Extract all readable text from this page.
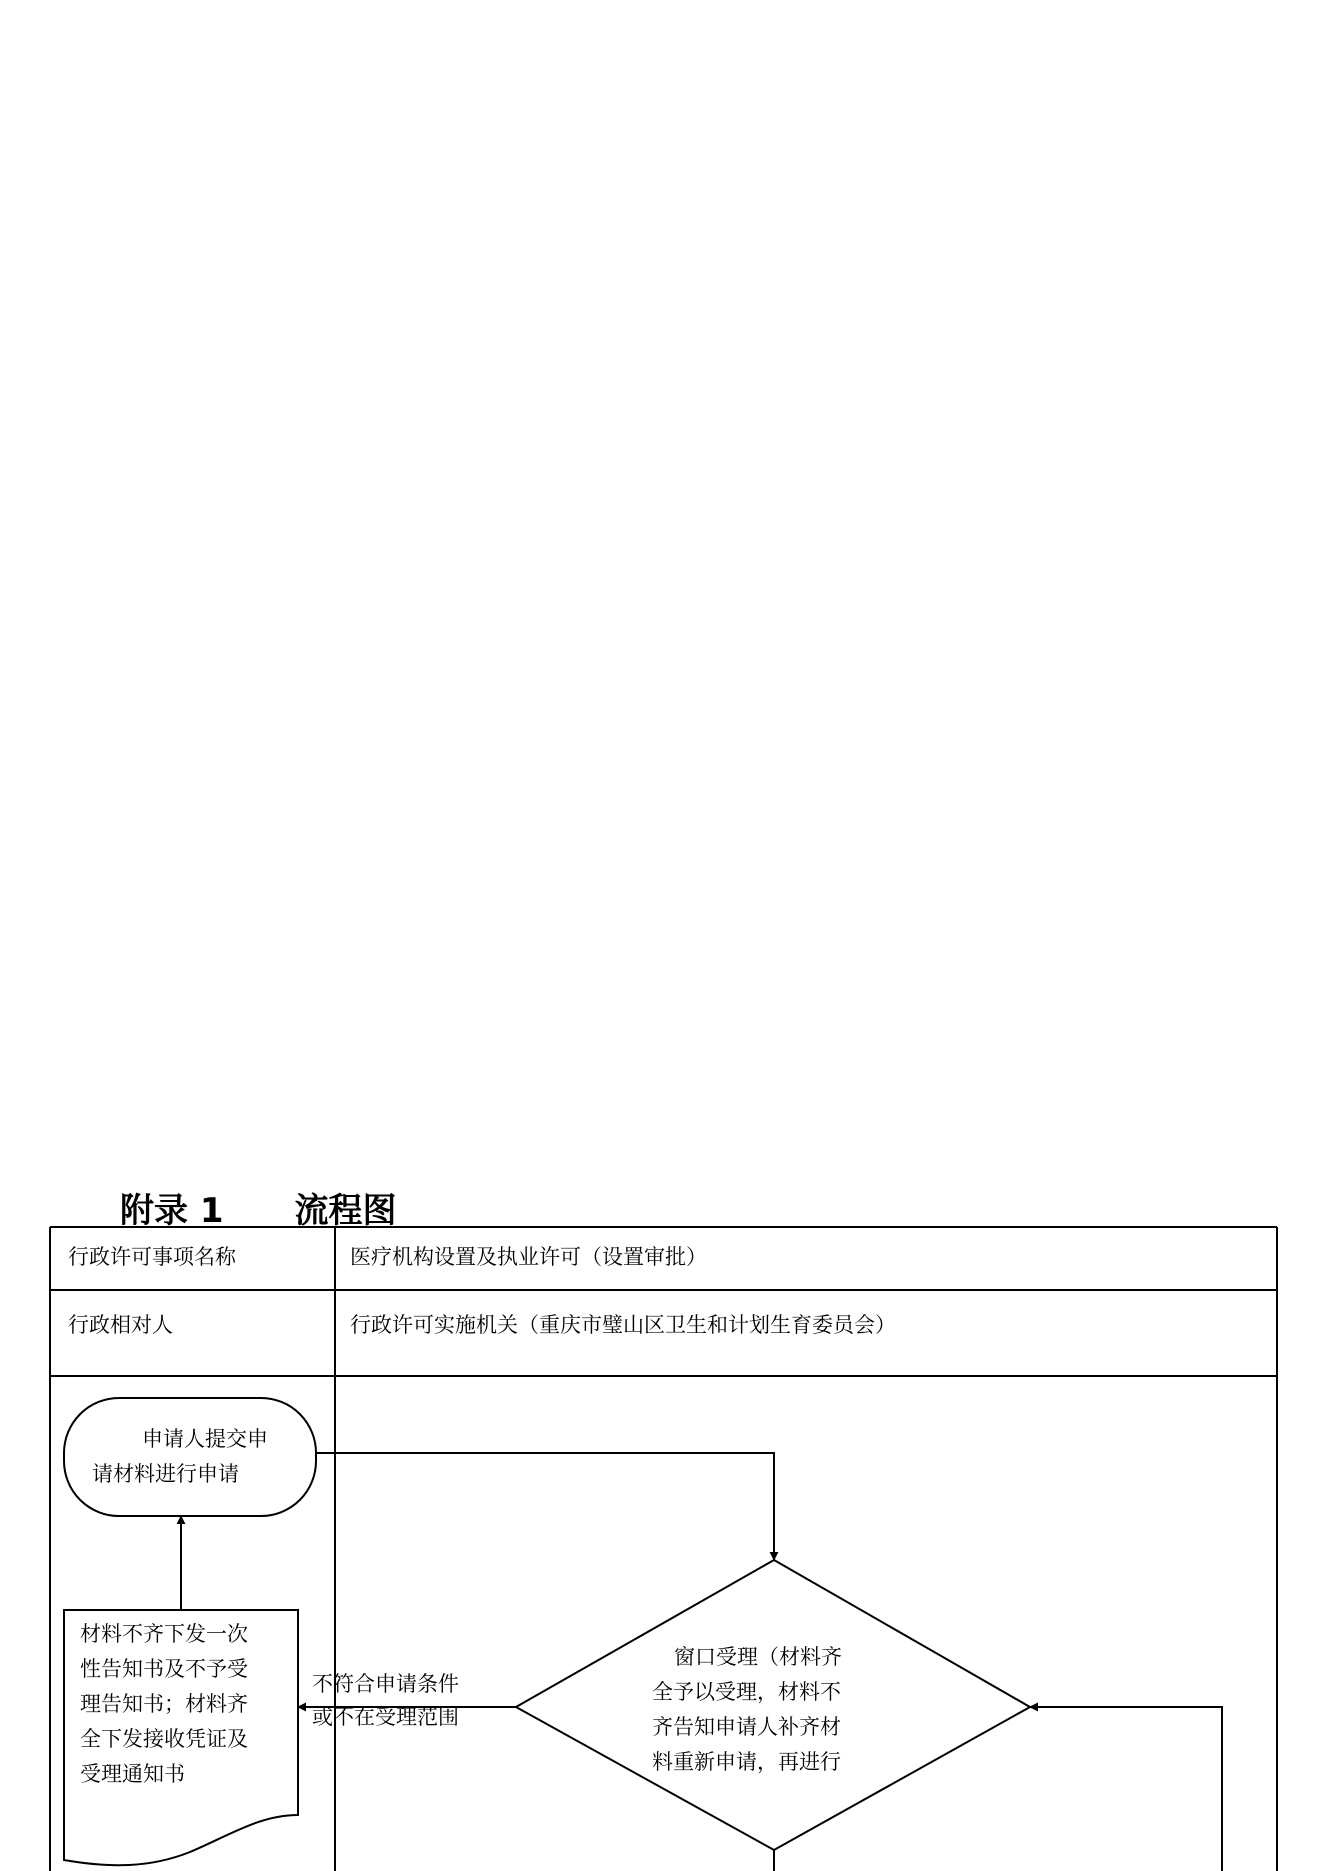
附录 1      流程图
行政许可事项名称	医疗机构设置及执业许可（设置审批）
行政相对人	行政许可实施机关（重庆市璧山区卫生和计划生育委员会）
申请人提交申
请材料进行申请
材料不齐下发一次
性告知书及不予受
理告知书；材料齐
全下发接收凭证及
受理通知书
不符合申请条件
或不在受理范围
窗口受理（材料齐
全予以受理，材料不
齐告知申请人补齐材
料重新申请，再进行
